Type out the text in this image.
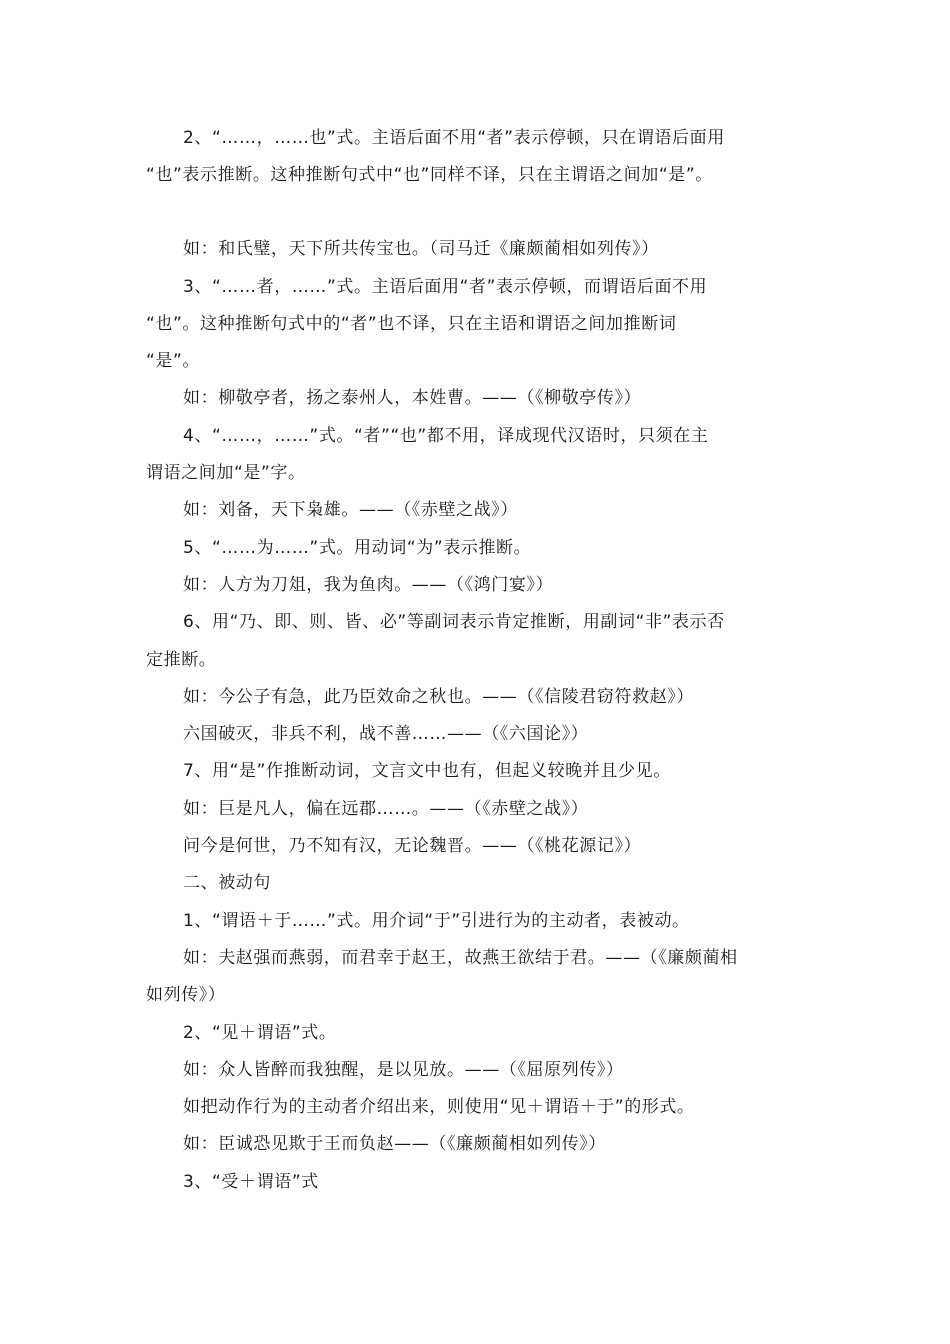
2、“……，……也”式。主语后面不用“者”表示停顿，只在谓语后面用
“也”表示推断。这种推断句式中“也”同样不译，只在主谓语之间加“是”。
如：和氏璧，天下所共传宝也。（司马迁《廉颇蔺相如列传》）
3、“……者，……”式。主语后面用“者”表示停顿，而谓语后面不用
“也”。这种推断句式中的“者”也不译，只在主语和谓语之间加推断词
“是”。
如：柳敬亭者，扬之泰州人，本姓曹。——（《柳敬亭传》）
4、“……，……”式。“者”“也”都不用，译成现代汉语时，只须在主
谓语之间加“是”字。
如：刘备，天下枭雄。——（《赤壁之战》）
5、“……为……”式。用动词“为”表示推断。
如：人方为刀俎，我为鱼肉。——（《鸿门宴》）
6、用“乃、即、则、皆、必”等副词表示肯定推断，用副词“非”表示否
定推断。
如：今公子有急，此乃臣效命之秋也。——（《信陵君窃符救赵》）
六国破灭，非兵不利，战不善……——（《六国论》）
7、用“是”作推断动词，文言文中也有，但起义较晚并且少见。
如：巨是凡人，偏在远郡……。——（《赤壁之战》）
问今是何世，乃不知有汉，无论魏晋。——（《桃花源记》）
二、被动句
1、“谓语＋于……”式。用介词“于”引进行为的主动者，表被动。
如：夫赵强而燕弱，而君幸于赵王，故燕王欲结于君。——（《廉颇蔺相
如列传》）
2、“见＋谓语”式。
如：众人皆醉而我独醒，是以见放。——（《屈原列传》）
如把动作行为的主动者介绍出来，则使用“见＋谓语＋于”的形式。
如：臣诚恐见欺于王而负赵——（《廉颇蔺相如列传》）
3、“受＋谓语”式
